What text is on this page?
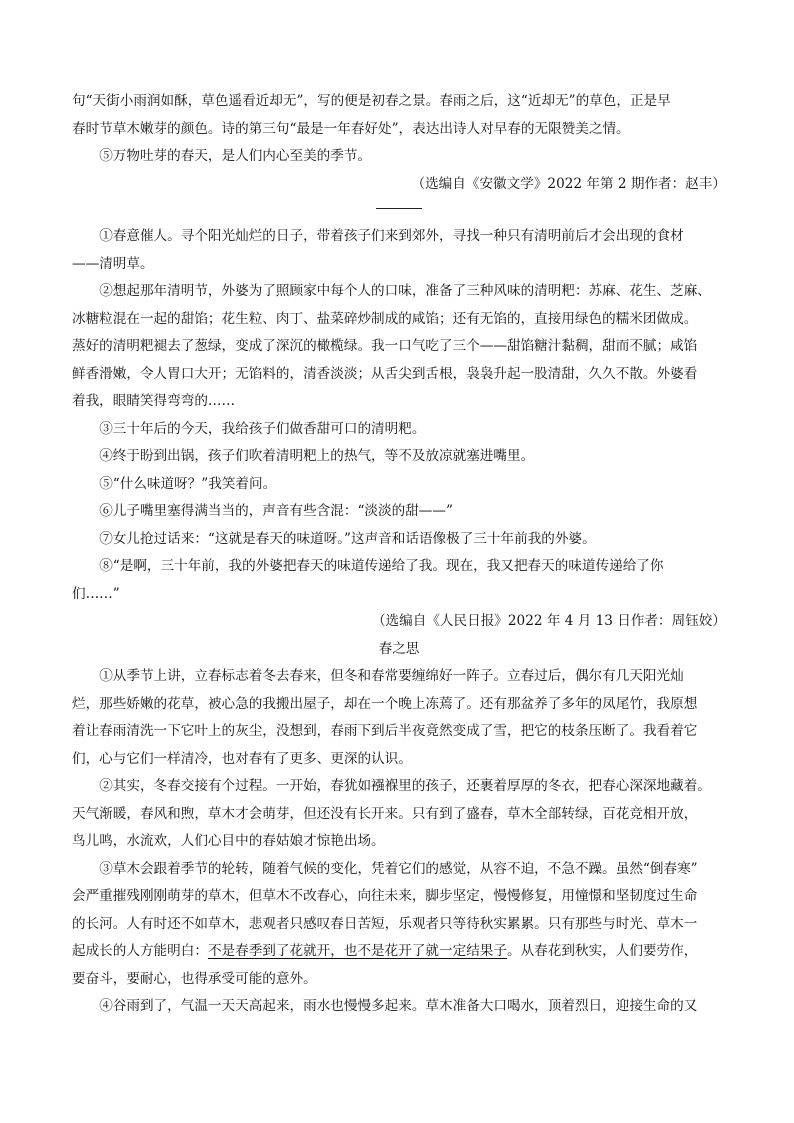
句“天街小雨润如酥，草色遥看近却无”，写的便是初春之景。春雨之后，这“近却无”的草色，正是早

春时节草木嫩芽的颜色。诗的第三句“最是一年春好处”，表达出诗人对早春的无限赞美之情。

⑤万物吐芽的春天，是人们内心至美的季节。

（选编自《安徽文学》2022 年第 2 期作者：赵丰）

①春意催人。寻个阳光灿烂的日子，带着孩子们来到郊外，寻找一种只有清明前后才会出现的食材

——清明草。

②想起那年清明节，外婆为了照顾家中每个人的口味，准备了三种风味的清明粑：苏麻、花生、芝麻、

冰糖粒混在一起的甜馅；花生粒、肉丁、盐菜碎炒制成的咸馅；还有无馅的，直接用绿色的糯米团做成。

蒸好的清明粑褪去了葱绿，变成了深沉的橄榄绿。我一口气吃了三个——甜馅糖汁黏稠，甜而不腻；咸馅

鲜香滑嫩，令人胃口大开；无馅料的，清香淡淡；从舌尖到舌根，袅袅升起一股清甜，久久不散。外婆看

着我，眼睛笑得弯弯的……

③三十年后的今天，我给孩子们做香甜可口的清明粑。

④终于盼到出锅，孩子们吹着清明粑上的热气，等不及放凉就塞进嘴里。

⑤“什么味道呀？”我笑着问。

⑥儿子嘴里塞得满当当的，声音有些含混：“淡淡的甜——”

⑦女儿抢过话来：“这就是春天的味道呀。”这声音和话语像极了三十年前我的外婆。

⑧“是啊，三十年前，我的外婆把春天的味道传递给了我。现在，我又把春天的味道传递给了你

们……”

（选编自《人民日报》2022 年 4 月 13 日作者：周钰姣）

春之思

①从季节上讲，立春标志着冬去春来，但冬和春常要缠绵好一阵子。立春过后，偶尔有几天阳光灿

烂，那些娇嫩的花草，被心急的我搬出屋子，却在一个晚上冻蔫了。还有那盆养了多年的凤尾竹，我原想

着让春雨清洗一下它叶上的灰尘，没想到，春雨下到后半夜竟然变成了雪，把它的枝条压断了。我看着它

们，心与它们一样清冷，也对春有了更多、更深的认识。

②其实，冬春交接有个过程。一开始，春犹如襁褓里的孩子，还裹着厚厚的冬衣，把春心深深地藏着。

天气渐暖，春风和煦，草木才会萌芽，但还没有长开来。只有到了盛春，草木全部转绿，百花竞相开放，

鸟儿鸣，水流欢，人们心目中的春姑娘才惊艳出场。

③草木会跟着季节的轮转，随着气候的变化，凭着它们的感觉，从容不迫，不急不躁。虽然“倒春寒”

会严重摧残刚刚萌芽的草木，但草木不改春心，向往未来，脚步坚定，慢慢修复，用憧憬和坚韧度过生命

的长河。人有时还不如草木，悲观者只感叹春日苦短，乐观者只等待秋实累累。只有那些与时光、草木一

起成长的人方能明白：不是春季到了花就开，也不是花开了就一定结果子。从春花到秋实，人们要劳作，

要奋斗，要耐心，也得承受可能的意外。

④谷雨到了，气温一天天高起来，雨水也慢慢多起来。草木准备大口喝水，顶着烈日，迎接生命的又
